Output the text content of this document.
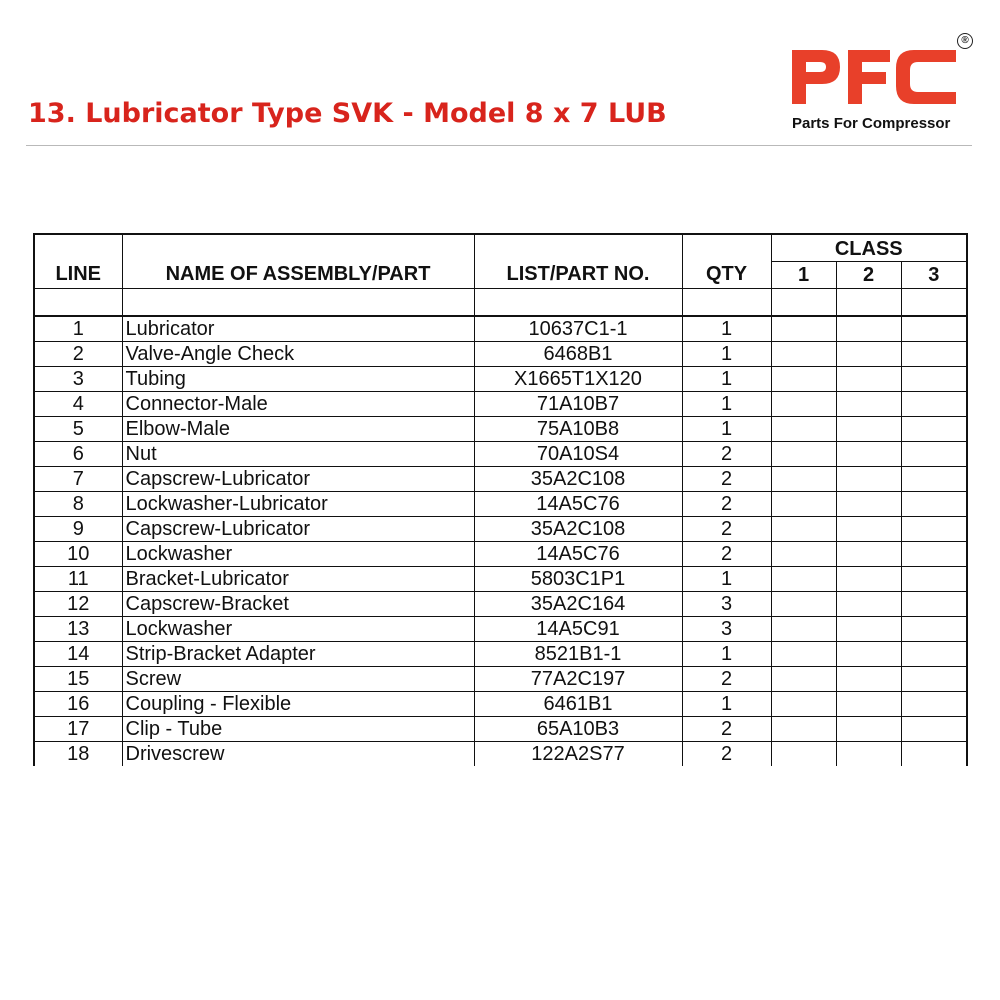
13. Lubricator Type SVK - Model 8 x 7 LUB
®
Parts For Compressor
				CLASS		
LINE	NAME OF ASSEMBLY/PART	LIST/PART NO.	QTY	1	2	3

1	Lubricator	10637C1-1	1			
2	Valve-Angle Check	6468B1	1			
3	Tubing	X1665T1X120	1			
4	Connector-Male	71A10B7	1			
5	Elbow-Male	75A10B8	1			
6	Nut	70A10S4	2			
7	Capscrew-Lubricator	35A2C108	2			
8	Lockwasher-Lubricator	14A5C76	2			
9	Capscrew-Lubricator	35A2C108	2			
10	Lockwasher	14A5C76	2			
11	Bracket-Lubricator	5803C1P1	1			
12	Capscrew-Bracket	35A2C164	3			
13	Lockwasher	14A5C91	3			
14	Strip-Bracket Adapter	8521B1-1	1			
15	Screw	77A2C197	2			
16	Coupling - Flexible	6461B1	1			
17	Clip - Tube	65A10B3	2			
18	Drivescrew	122A2S77	2			
